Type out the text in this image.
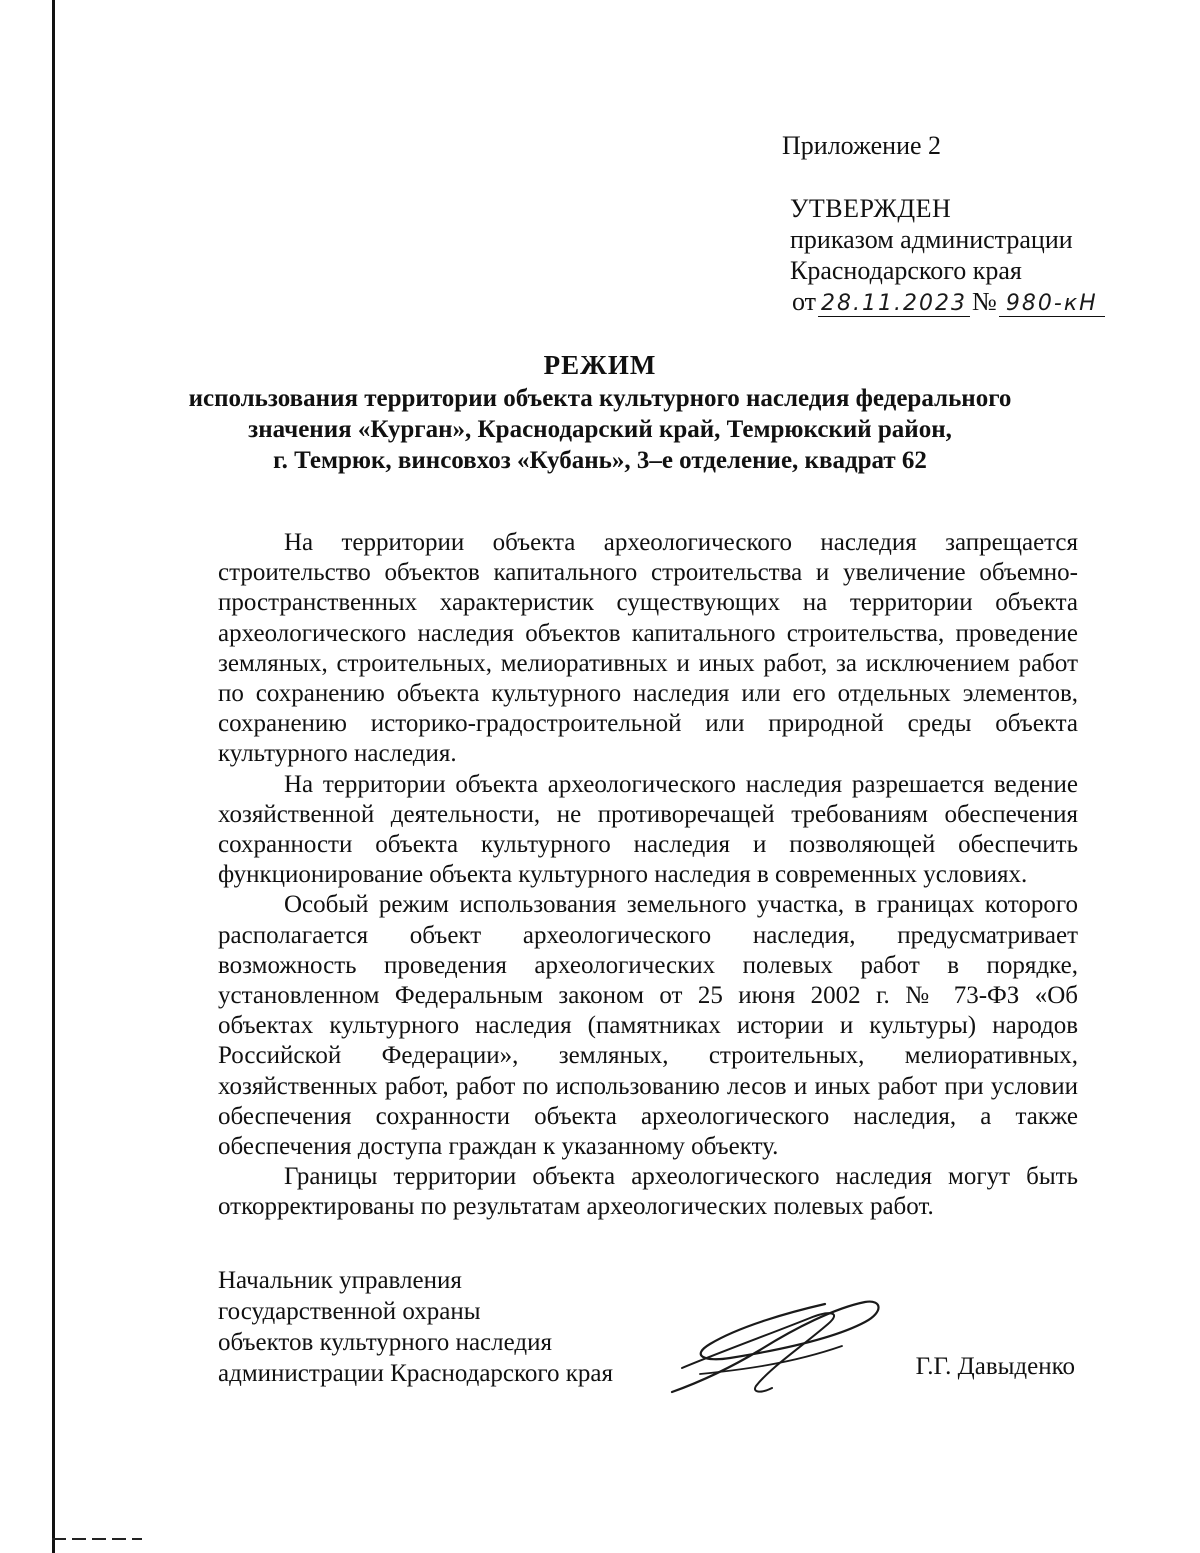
Приложение 2
УТВЕРЖДЕН
приказом администрации
Краснодарского края
от 28.11.2023 № 980-кН
РЕЖИМ
использования территории объекта культурного наследия федерального
значения «Курган», Краснодарский край, Темрюкский район,
г. Темрюк, винсовхоз «Кубань», 3–е отделение, квадрат 62

На территории объекта археологического наследия запрещается строительство объектов капитального строительства и увеличение объемно-пространственных характеристик существующих на территории объекта археологического наследия объектов капитального строительства, проведение земляных, строительных, мелиоративных и иных работ, за исключением работ по сохранению объекта культурного наследия или его отдельных элементов, сохранению историко-градостроительной или природной среды объекта культурного наследия.

На территории объекта археологического наследия разрешается ведение хозяйственной деятельности, не противоречащей требованиям обеспечения сохранности объекта культурного наследия и позволяющей обеспечить функционирование объекта культурного наследия в современных условиях.

Особый режим использования земельного участка, в границах которого располагается объект археологического наследия, предусматривает возможность проведения археологических полевых работ в порядке, установленном Федеральным законом от 25 июня 2002 г. № 73-ФЗ «Об объектах культурного наследия (памятниках истории и культуры) народов Российской Федерации», земляных, строительных, мелиоративных, хозяйственных работ, работ по использованию лесов и иных работ при условии обеспечения сохранности объекта археологического наследия, а также обеспечения доступа граждан к указанному объекту.

Границы территории объекта археологического наследия могут быть откорректированы по результатам археологических полевых работ.

Начальник управления
государственной охраны
объектов культурного наследия
администрации Краснодарского края	Г.Г. Давыденко
